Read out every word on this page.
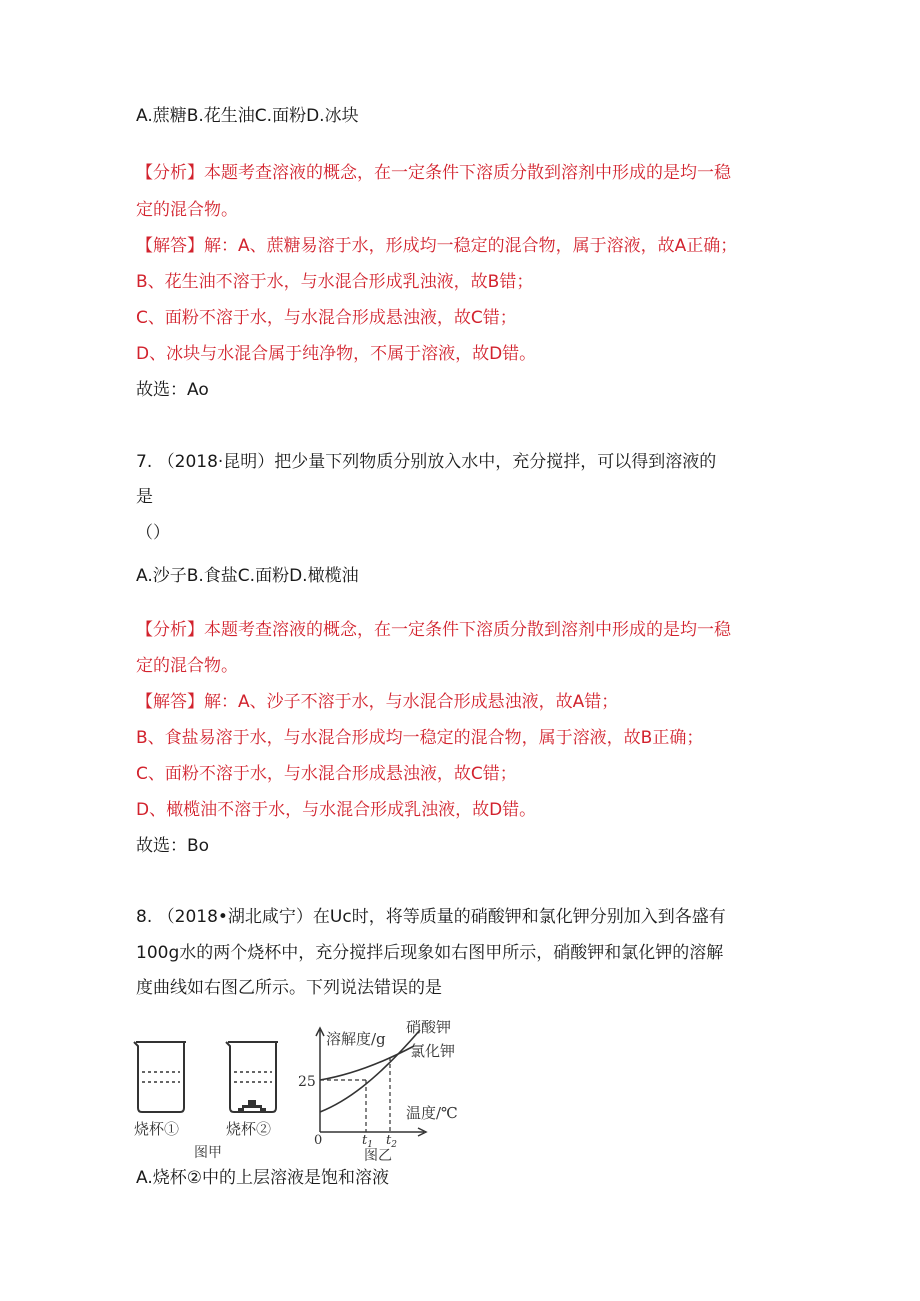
A.蔗糖B.花生油C.面粉D.冰块
【分析】本题考查溶液的概念，在一定条件下溶质分散到溶剂中形成的是均一稳
定的混合物。
【解答】解：A、蔗糖易溶于水，形成均一稳定的混合物，属于溶液，故A正确；
B、花生油不溶于水，与水混合形成乳浊液，故B错；
C、面粉不溶于水，与水混合形成悬浊液，故C错；
D、冰块与水混合属于纯净物，不属于溶液，故D错。
故选：Ao
7. （2018·昆明）把少量下列物质分别放入水中，充分搅拌，可以得到溶液的
是
（）
A.沙子B.食盐C.面粉D.橄榄油
【分析】本题考查溶液的概念，在一定条件下溶质分散到溶剂中形成的是均一稳
定的混合物。
【解答】解：A、沙子不溶于水，与水混合形成悬浊液，故A错；
B、食盐易溶于水，与水混合形成均一稳定的混合物，属于溶液，故B正确；
C、面粉不溶于水，与水混合形成悬浊液，故C错；
D、橄榄油不溶于水，与水混合形成乳浊液，故D错。
故选：Bo
8. （2018•湖北咸宁）在Uc时，将等质量的硝酸钾和氯化钾分别加入到各盛有
100g水的两个烧杯中，充分搅拌后现象如右图甲所示，硝酸钾和氯化钾的溶解
度曲线如右图乙所示。下列说法错误的是
烧杯①	烧杯②
图甲
溶解度/g
温度/℃
硝酸钾
氯化钾
25
0	$t_1$ $t_2$
图乙
A.烧杯②中的上层溶液是饱和溶液
